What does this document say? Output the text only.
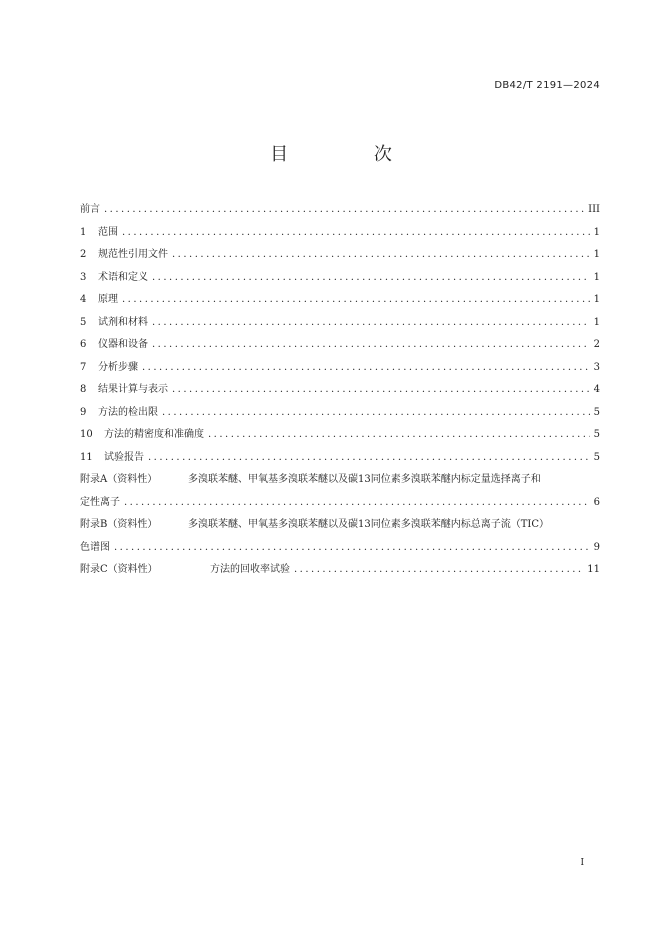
DB42/T 2191—2024
目 次
前言 .....	III
1	范围 .....	1
2	规范性引用文件 .....	1
3	术语和定义 .....	1
4	原理 .....	1
5	试剂和材料 .....	1
6	仪器和设备 .....	2
7	分析步骤 .....	3
8	结果计算与表示 .....	4
9	方法的检出限 .....	5
10	方法的精密度和准确度 .....	5
11	试验报告 .....	5
附录A（资料性）	多溴联苯醚、甲氧基多溴联苯醚以及碳13同位素多溴联苯醚内标定量选择离子和
定性离子 .....	6
附录B（资料性）	多溴联苯醚、甲氧基多溴联苯醚以及碳13同位素多溴联苯醚内标总离子流（TIC）
色谱图 .....	9
附录C（资料性）	方法的回收率试验 .....	11
I
